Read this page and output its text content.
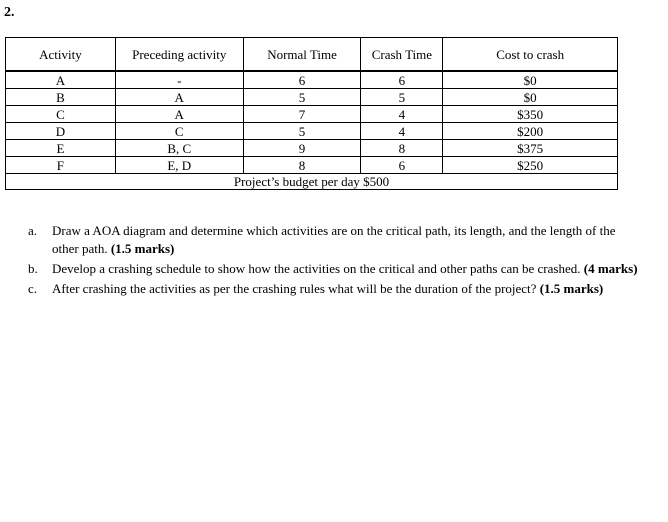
2.
Activity	Preceding activity	Normal Time	Crash Time	Cost to crash
A	-	6	6	$0
B	A	5	5	$0
C	A	7	4	$350
D	C	5	4	$200
E	B, C	9	8	$375
F	E, D	8	6	$250
Project’s budget per day $500				
a. Draw a AOA diagram and determine which activities are on the critical path, its length, and the length of the other path. (1.5 marks)
b. Develop a crashing schedule to show how the activities on the critical and other paths can be crashed. (4 marks)
c. After crashing the activities as per the crashing rules what will be the duration of the project? (1.5 marks)
